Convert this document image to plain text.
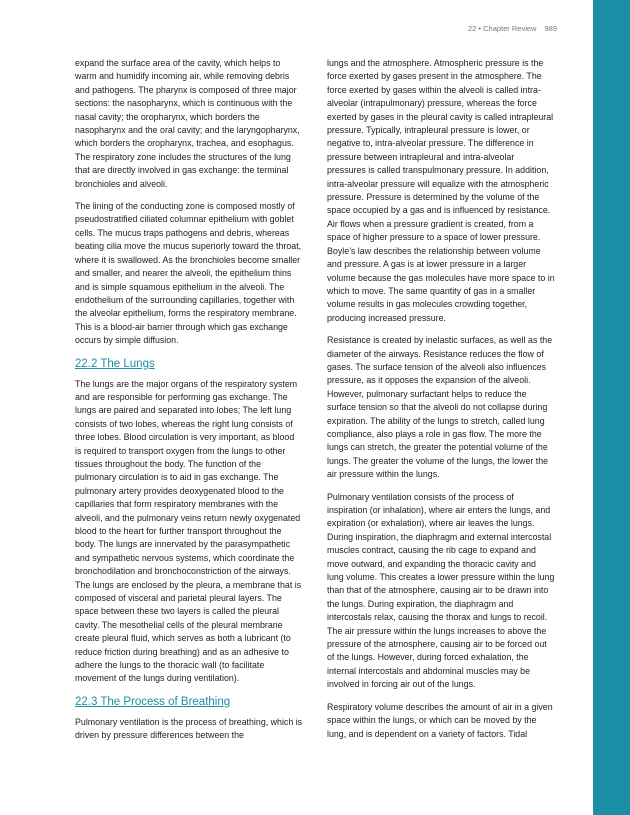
22 • Chapter Review 989

expand the surface area of the cavity, which helps to warm and humidify incoming air, while removing debris and pathogens. The pharynx is composed of three major sections: the nasopharynx, which is continuous with the nasal cavity; the oropharynx, which borders the nasopharynx and the oral cavity; and the laryngopharynx, which borders the oropharynx, trachea, and esophagus. The respiratory zone includes the structures of the lung that are directly involved in gas exchange: the terminal bronchioles and alveoli.

The lining of the conducting zone is composed mostly of pseudostratified ciliated columnar epithelium with goblet cells. The mucus traps pathogens and debris, whereas beating cilia move the mucus superiorly toward the throat, where it is swallowed. As the bronchioles become smaller and smaller, and nearer the alveoli, the epithelium thins and is simple squamous epithelium in the alveoli. The endothelium of the surrounding capillaries, together with the alveolar epithelium, forms the respiratory membrane. This is a blood-air barrier through which gas exchange occurs by simple diffusion.

22.2 The Lungs

The lungs are the major organs of the respiratory system and are responsible for performing gas exchange. The lungs are paired and separated into lobes; The left lung consists of two lobes, whereas the right lung consists of three lobes. Blood circulation is very important, as blood is required to transport oxygen from the lungs to other tissues throughout the body. The function of the pulmonary circulation is to aid in gas exchange. The pulmonary artery provides deoxygenated blood to the capillaries that form respiratory membranes with the alveoli, and the pulmonary veins return newly oxygenated blood to the heart for further transport throughout the body. The lungs are innervated by the parasympathetic and sympathetic nervous systems, which coordinate the bronchodilation and bronchoconstriction of the airways. The lungs are enclosed by the pleura, a membrane that is composed of visceral and parietal pleural layers. The space between these two layers is called the pleural cavity. The mesothelial cells of the pleural membrane create pleural fluid, which serves as both a lubricant (to reduce friction during breathing) and as an adhesive to adhere the lungs to the thoracic wall (to facilitate movement of the lungs during ventilation).

22.3 The Process of Breathing

Pulmonary ventilation is the process of breathing, which is driven by pressure differences between the

lungs and the atmosphere. Atmospheric pressure is the force exerted by gases present in the atmosphere. The force exerted by gases within the alveoli is called intra-alveolar (intrapulmonary) pressure, whereas the force exerted by gases in the pleural cavity is called intrapleural pressure. Typically, intrapleural pressure is lower, or negative to, intra-alveolar pressure. The difference in pressure between intrapleural and intra-alveolar pressures is called transpulmonary pressure. In addition, intra-alveolar pressure will equalize with the atmospheric pressure. Pressure is determined by the volume of the space occupied by a gas and is influenced by resistance. Air flows when a pressure gradient is created, from a space of higher pressure to a space of lower pressure. Boyle’s law describes the relationship between volume and pressure. A gas is at lower pressure in a larger volume because the gas molecules have more space to in which to move. The same quantity of gas in a smaller volume results in gas molecules crowding together, producing increased pressure.

Resistance is created by inelastic surfaces, as well as the diameter of the airways. Resistance reduces the flow of gases. The surface tension of the alveoli also influences pressure, as it opposes the expansion of the alveoli. However, pulmonary surfactant helps to reduce the surface tension so that the alveoli do not collapse during expiration. The ability of the lungs to stretch, called lung compliance, also plays a role in gas flow. The more the lungs can stretch, the greater the potential volume of the lungs. The greater the volume of the lungs, the lower the air pressure within the lungs.

Pulmonary ventilation consists of the process of inspiration (or inhalation), where air enters the lungs, and expiration (or exhalation), where air leaves the lungs. During inspiration, the diaphragm and external intercostal muscles contract, causing the rib cage to expand and move outward, and expanding the thoracic cavity and lung volume. This creates a lower pressure within the lung than that of the atmosphere, causing air to be drawn into the lungs. During expiration, the diaphragm and intercostals relax, causing the thorax and lungs to recoil. The air pressure within the lungs increases to above the pressure of the atmosphere, causing air to be forced out of the lungs. However, during forced exhalation, the internal intercostals and abdominal muscles may be involved in forcing air out of the lungs.

Respiratory volume describes the amount of air in a given space within the lungs, or which can be moved by the lung, and is dependent on a variety of factors. Tidal
